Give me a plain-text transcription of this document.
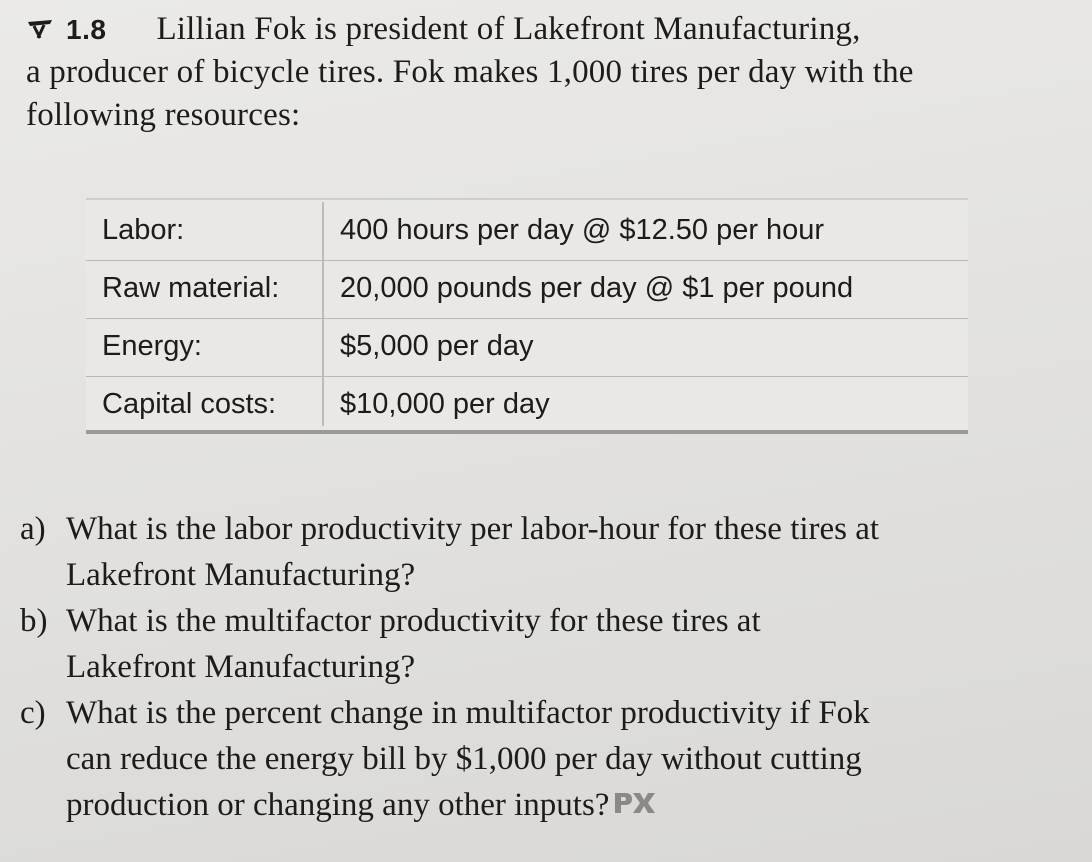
1.8 Lillian Fok is president of Lakefront Manufacturing,
a producer of bicycle tires. Fok makes 1,000 tires per day with the
following resources:
Labor:	400 hours per day @ $12.50 per hour
Raw material: 20,000 pounds per day @ $1 per pound
Energy:	$5,000 per day
Capital costs: $10,000 per day
a) What is the labor productivity per labor-hour for these tires at
Lakefront Manufacturing?
b) What is the multifactor productivity for these tires at
Lakefront Manufacturing?
c) What is the percent change in multifactor productivity if Fok
can reduce the energy bill by $1,000 per day without cutting
production or changing any other inputs?
